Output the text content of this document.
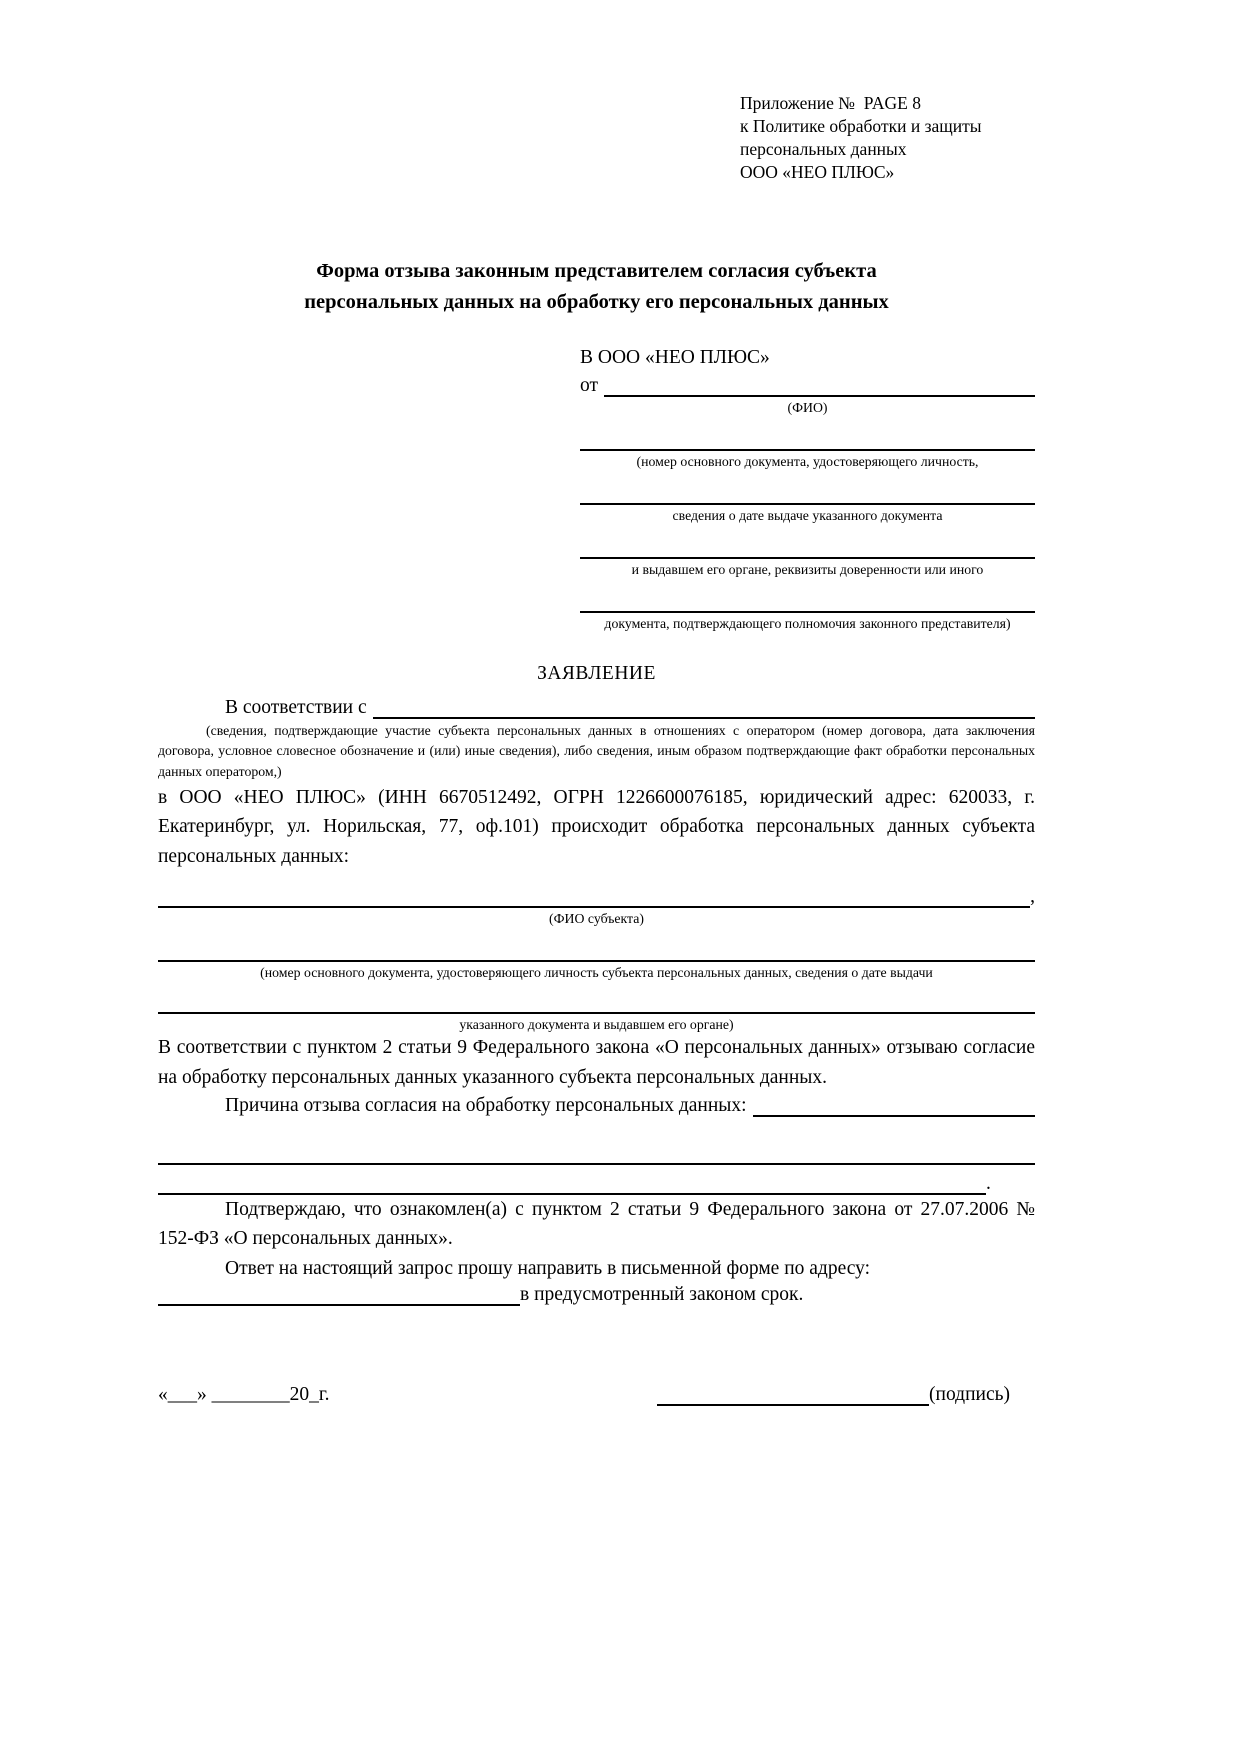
Приложение №  PAGE 8
к Политике обработки и защиты
персональных данных
ООО «НЕО ПЛЮС»
Форма отзыва законным представителем согласия субъекта
персональных данных на обработку его персональных данных
В ООО «НЕО ПЛЮС»
от
(ФИО)
(номер основного документа, удостоверяющего личность,
сведения о дате выдаче указанного документа
и выдавшем его органе, реквизиты доверенности или иного
документа, подтверждающего полномочия законного представителя)
ЗАЯВЛЕНИЕ
В соответствии с
(сведения, подтверждающие участие субъекта персональных данных в отношениях с оператором (номер договора, дата заключения договора, условное словесное обозначение и (или) иные сведения), либо сведения, иным образом подтверждающие факт обработки персональных данных оператором,)
в ООО «НЕО ПЛЮС» (ИНН 6670512492, ОГРН 1226600076185, юридический адрес: 620033, г. Екатеринбург, ул. Норильская, 77, оф.101) происходит обработка персональных данных субъекта персональных данных:
,
(ФИО субъекта)
(номер основного документа, удостоверяющего личность субъекта персональных данных, сведения о дате выдачи
указанного документа и выдавшем его органе)
В соответствии с пунктом 2 статьи 9 Федерального закона «О персональных данных» отзываю согласие на обработку персональных данных указанного субъекта персональных данных.
Причина отзыва согласия на обработку персональных данных:
.
Подтверждаю, что ознакомлен(а) с пунктом 2 статьи 9 Федерального закона от 27.07.2006 № 152-ФЗ «О персональных данных».
Ответ на настоящий запрос прошу направить в письменной форме по адресу:
в предусмотренный законом срок.
«___» ________20_г.	(подпись)
